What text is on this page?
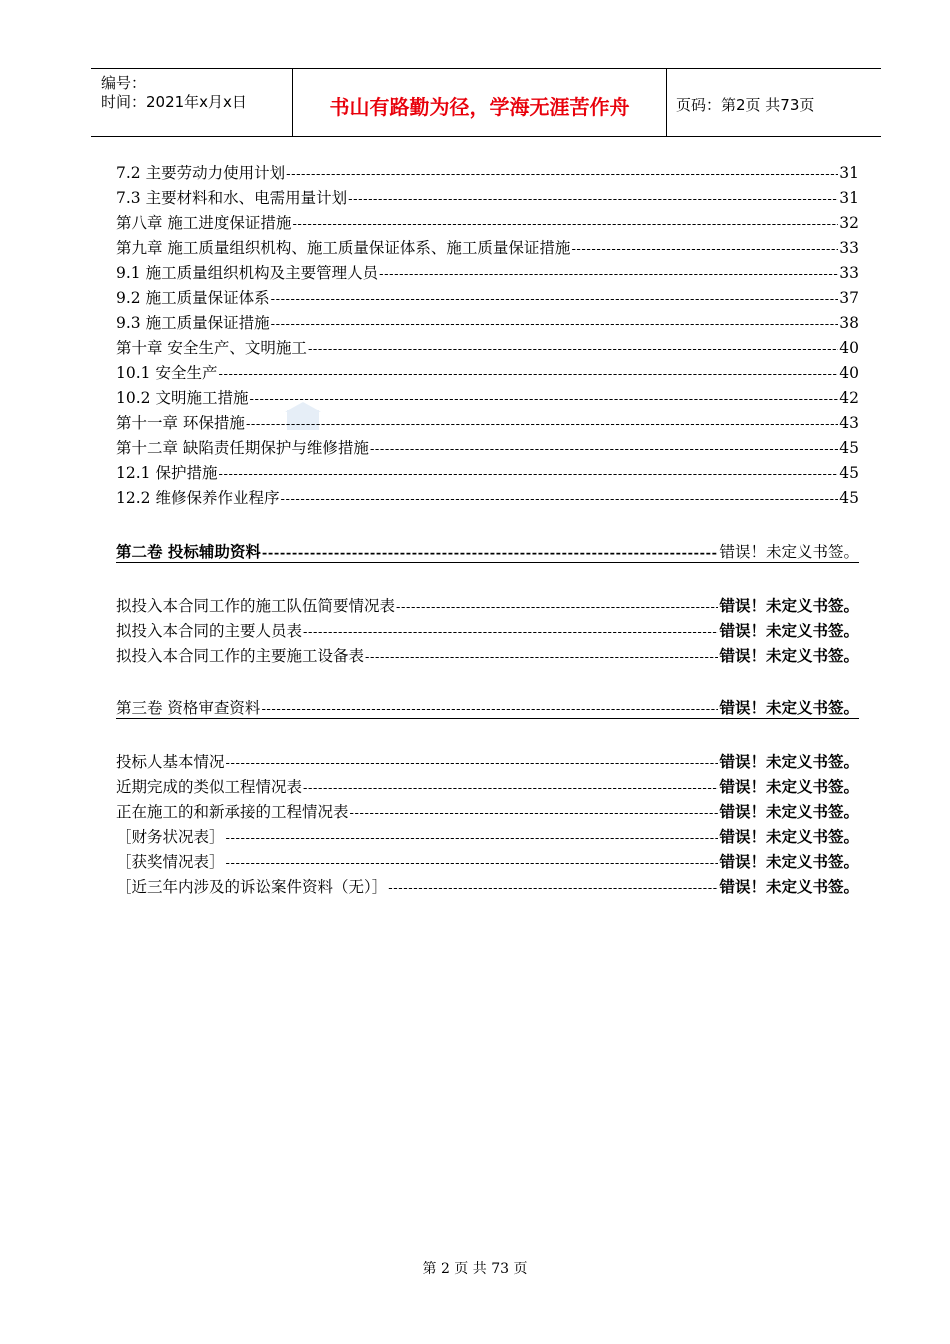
编号：
时间：2021年x月x日	书山有路勤为径，学海无涯苦作舟	页码：第2页 共73页
7.2 主要劳动力使用计划 -----	31
7.3 主要材料和水、电需用量计划 -----	31
第八章 施工进度保证措施 -----	32
第九章 施工质量组织机构、施工质量保证体系、施工质量保证措施 -----	33
9.1 施工质量组织机构及主要管理人员 -----	33
9.2 施工质量保证体系 -----	37
9.3 施工质量保证措施 -----	38
第十章 安全生产、文明施工 -----	40
10.1 安全生产 -----	40
10.2 文明施工措施 -----	42
第十一章 环保措施 -----	43
第十二章 缺陷责任期保护与维修措施 -----	45
12.1 保护措施 -----	45
12.2 维修保养作业程序 -----	45
第二卷 投标辅助资料 -----	错误！未定义书签。
拟投入本合同工作的施工队伍简要情况表 -----	错误！未定义书签。
拟投入本合同的主要人员表 -----	错误！未定义书签。
拟投入本合同工作的主要施工设备表 -----	错误！未定义书签。
第三卷 资格审查资料 -----	错误！未定义书签。
投标人基本情况 -----	错误！未定义书签。
近期完成的类似工程情况表 -----	错误！未定义书签。
正在施工的和新承接的工程情况表 -----	错误！未定义书签。
［财务状况表］ -----	错误！未定义书签。
［获奖情况表］ -----	错误！未定义书签。
［近三年内涉及的诉讼案件资料（无）］ -----	错误！未定义书签。
第 2 页 共 73 页
